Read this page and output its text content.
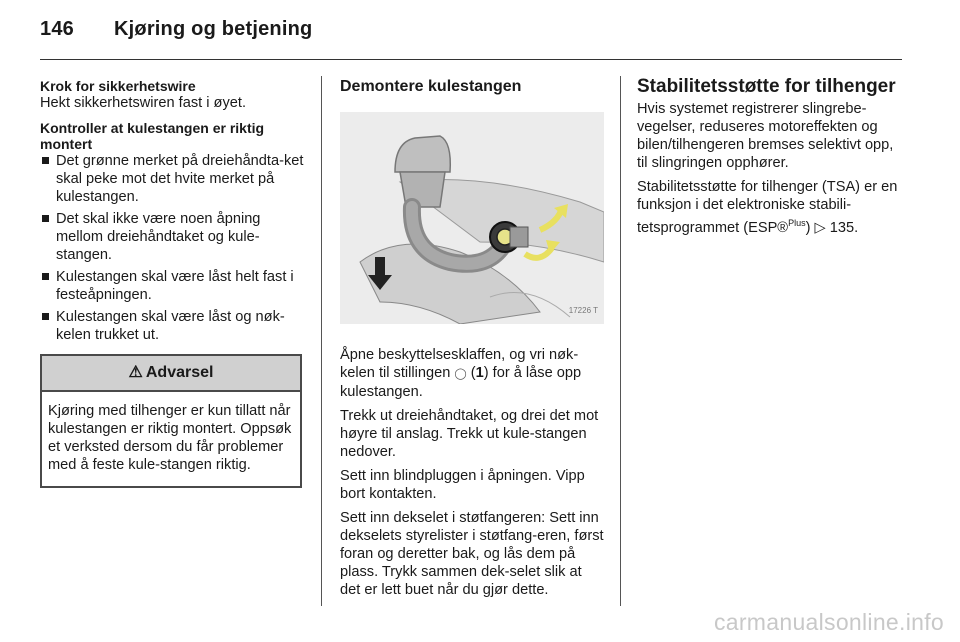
146 Kjøring og betjening
Krok for sikkerhetswire

Hekt sikkerhetswiren fast i øyet.

Kontroller at kulestangen er riktig montert
Det grønne merket på dreiehåndta-ket skal peke mot det hvite merket på kulestangen.
Det skal ikke være noen åpning mellom dreiehåndtaket og kule-stangen.
Kulestangen skal være låst helt fast i festeåpningen.
Kulestangen skal være låst og nøk-kelen trukket ut.
⚠ Advarsel
Kjøring med tilhenger er kun tillatt når kulestangen er riktig montert. Oppsøk et verksted dersom du får problemer med å feste kule-stangen riktig.
Demontere kulestangen
17226 T

Åpne beskyttelsesklaffen, og vri nøk-kelen til stillingen ◯ (1) for å låse opp kulestangen.

Trekk ut dreiehåndtaket, og drei det mot høyre til anslag. Trekk ut kule-stangen nedover.

Sett inn blindpluggen i åpningen. Vipp bort kontakten.

Sett inn dekselet i støtfangeren: Sett inn dekselets styrelister i støtfang-eren, først foran og deretter bak, og lås dem på plass. Trykk sammen dek-selet slik at det er lett buet når du gjør dette.

Stabilitetsstøtte for tilhenger

Hvis systemet registrerer slingrebe-vegelser, reduseres motoreffekten og bilen/tilhengeren bremses selektivt opp, til slingringen opphører.

Stabilitetsstøtte for tilhenger (TSA) er en funksjon i det elektroniske stabili-tetsprogrammet (ESP®$^{Plus}$) ▷ 135.

carmanualsonline.info
